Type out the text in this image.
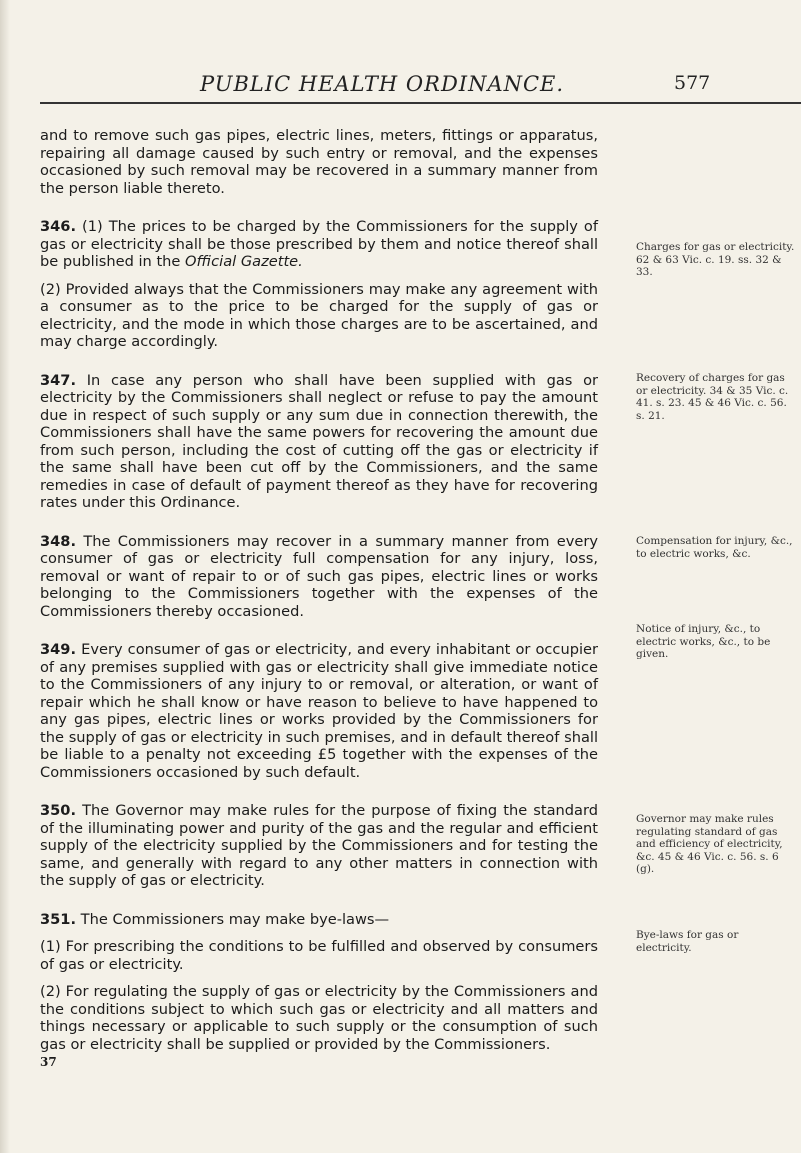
PUBLIC HEALTH ORDINANCE.	577

and to remove such gas pipes, electric lines, meters, fittings or apparatus, repairing all damage caused by such entry or removal, and the expenses occasioned by such removal may be recovered in a summary manner from the person liable thereto.

346. (1) The prices to be charged by the Commissioners for the supply of gas or electricity shall be those prescribed by them and notice thereof shall be published in the Official Gazette.

(2) Provided always that the Commissioners may make any agreement with a consumer as to the price to be charged for the supply of gas or electricity, and the mode in which those charges are to be ascertained, and may charge accordingly.

347. In case any person who shall have been supplied with gas or electricity by the Commissioners shall neglect or refuse to pay the amount due in respect of such supply or any sum due in connection therewith, the Commissioners shall have the same powers for recovering the amount due from such person, including the cost of cutting off the gas or electricity if the same shall have been cut off by the Commissioners, and the same remedies in case of default of payment thereof as they have for recovering rates under this Ordinance.

348. The Commissioners may recover in a summary manner from every consumer of gas or electricity full compensation for any injury, loss, removal or want of repair to or of such gas pipes, electric lines or works belonging to the Commissioners together with the expenses of the Commissioners thereby occasioned.

349. Every consumer of gas or electricity, and every inhabitant or occupier of any premises supplied with gas or electricity shall give immediate notice to the Commissioners of any injury to or removal, or alteration, or want of repair which he shall know or have reason to believe to have happened to any gas pipes, electric lines or works provided by the Commissioners for the supply of gas or electricity in such premises, and in default thereof shall be liable to a penalty not exceeding £5 together with the expenses of the Commissioners occasioned by such default.

350. The Governor may make rules for the purpose of fixing the standard of the illuminating power and purity of the gas and the regular and efficient supply of the electricity supplied by the Commissioners and for testing the same, and generally with regard to any other matters in connection with the supply of gas or electricity.

351. The Commissioners may make bye-laws—

(1) For prescribing the conditions to be fulfilled and observed by consumers of gas or electricity.

(2) For regulating the supply of gas or electricity by the Commissioners and the conditions subject to which such gas or electricity and all matters and things necessary or applicable to such supply or the consumption of such gas or electricity shall be supplied or provided by the Commissioners.

Charges for gas or electricity. 62 & 63 Vic. c. 19. ss. 32 & 33.
Recovery of charges for gas or electricity. 34 & 35 Vic. c. 41. s. 23. 45 & 46 Vic. c. 56. s. 21.
Compensation for injury, &c., to electric works, &c.
Notice of injury, &c., to electric works, &c., to be given.
Governor may make rules regulating standard of gas and efficiency of electricity, &c. 45 & 46 Vic. c. 56. s. 6 (g).
Bye-laws for gas or electricity.
37
